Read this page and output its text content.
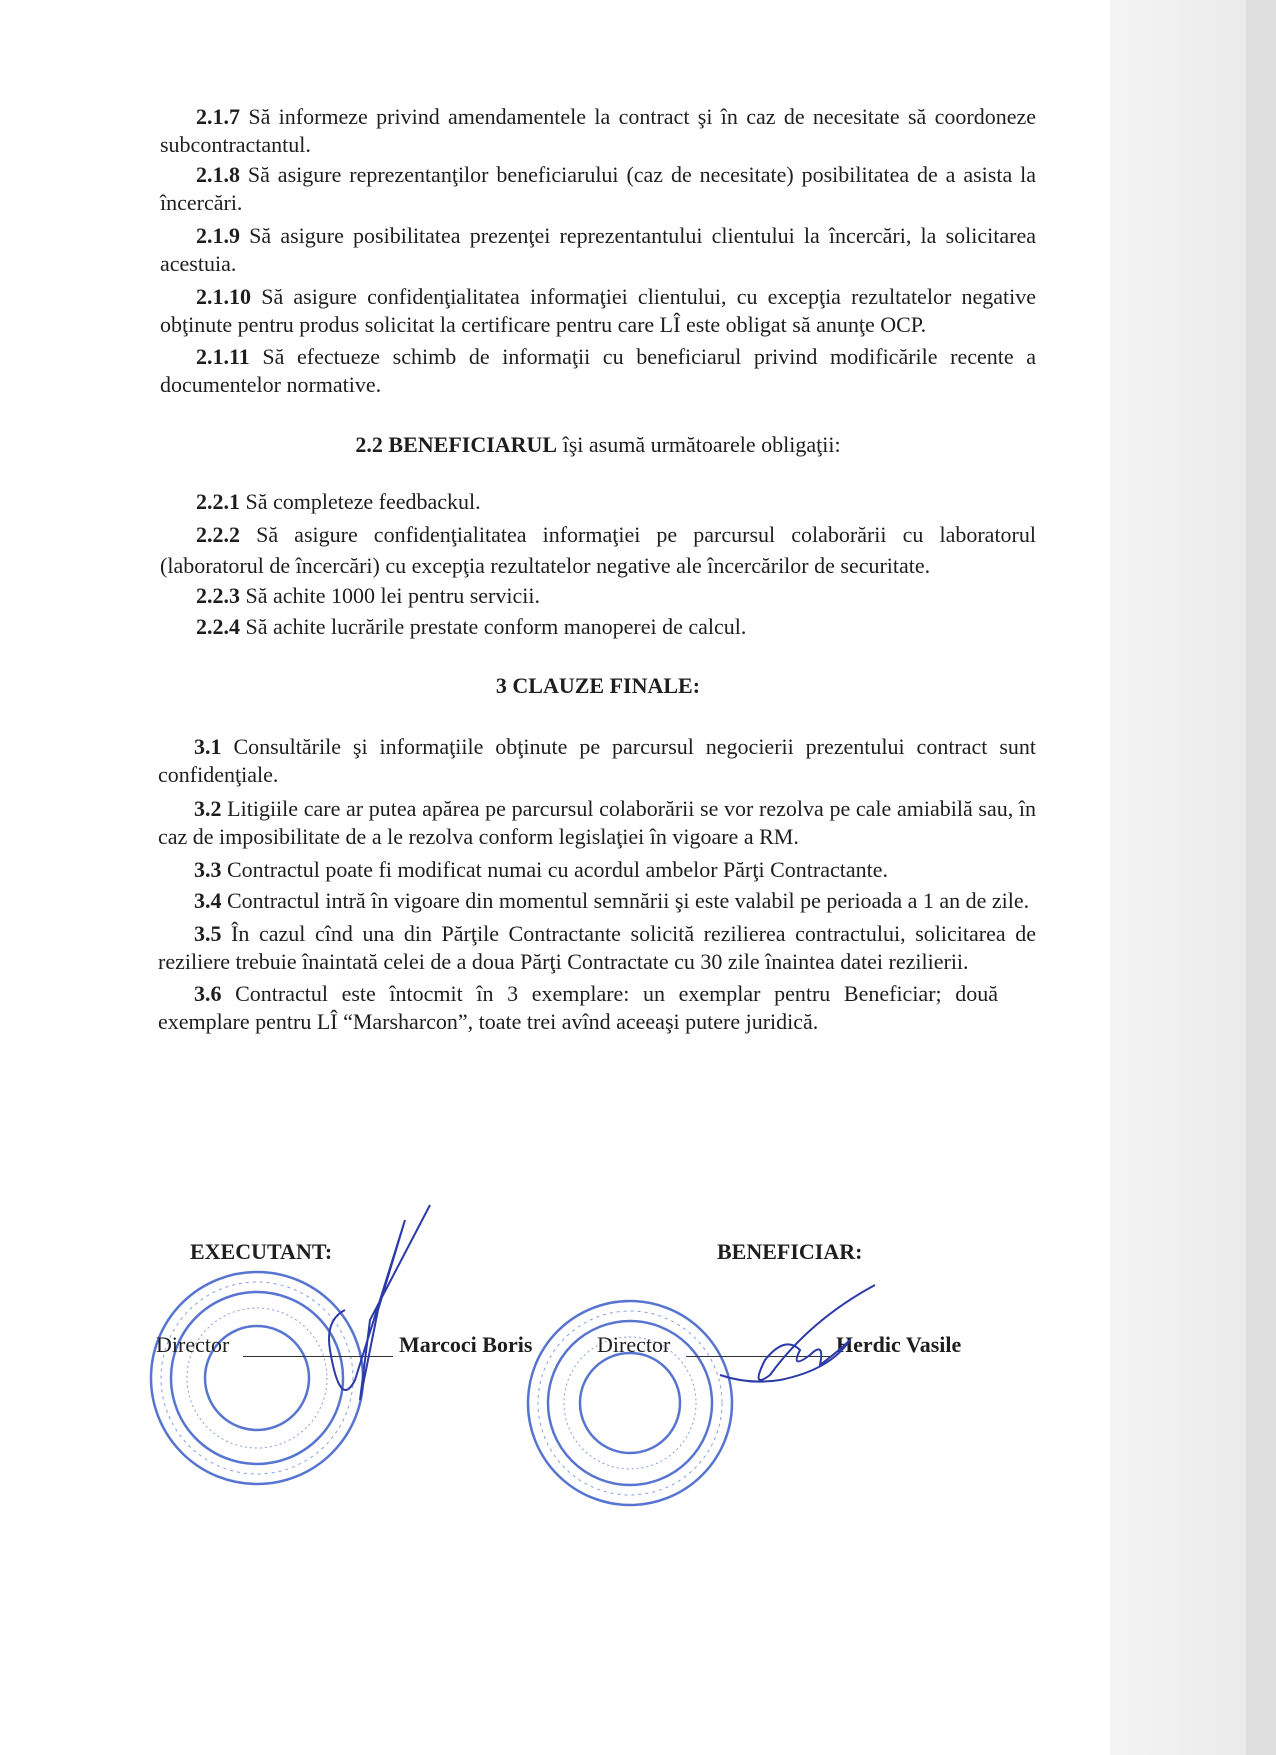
2.1.7 Să informeze privind amendamentele la contract şi în caz de necesitate să coordoneze subcontractantul.

2.1.8 Să asigure reprezentanţilor beneficiarului (caz de necesitate) posibilitatea de a asista la încercări.

2.1.9 Să asigure posibilitatea prezenţei reprezentantului clientului la încercări, la solicitarea acestuia.

2.1.10 Să asigure confidenţialitatea informaţiei clientului, cu excepţia rezultatelor negative obţinute pentru produs solicitat la certificare pentru care LÎ este obligat să anunţe OCP.

2.1.11 Să efectueze schimb de informaţii cu beneficiarul privind modificările recente a documentelor normative.

2.2 BENEFICIARUL îşi asumă următoarele obligaţii:

2.2.1 Să completeze feedbackul.

2.2.2 Să asigure confidenţialitatea informaţiei pe parcursul colaborării cu laboratorul (laboratorul de încercări) cu excepţia rezultatelor negative ale încercărilor de securitate.

2.2.3 Să achite 1000 lei pentru servicii.

2.2.4 Să achite lucrările prestate conform manoperei de calcul.

3 CLAUZE FINALE:

3.1 Consultările şi informaţiile obţinute pe parcursul negocierii prezentului contract sunt confidenţiale.

3.2 Litigiile care ar putea apărea pe parcursul colaborării se vor rezolva pe cale amiabilă sau, în caz de imposibilitate de a le rezolva conform legislaţiei în vigoare a RM.

3.3 Contractul poate fi modificat numai cu acordul ambelor Părţi Contractante.

3.4 Contractul intră în vigoare din momentul semnării şi este valabil pe perioada a 1 an de zile.

3.5 În cazul cînd una din Părţile Contractante solicită rezilierea contractului, solicitarea de reziliere trebuie înaintată celei de a doua Părţi Contractate cu 30 zile înaintea datei rezilierii.

3.6 Contractul este întocmit în 3 exemplare: un exemplar pentru Beneficiar; două exemplare pentru LÎ “Marsharcon”, toate trei avînd aceeaşi putere juridică.

EXECUTANT:	BENEFICIAR:
Director	Marcoci Boris	Director	Herdic Vasile
